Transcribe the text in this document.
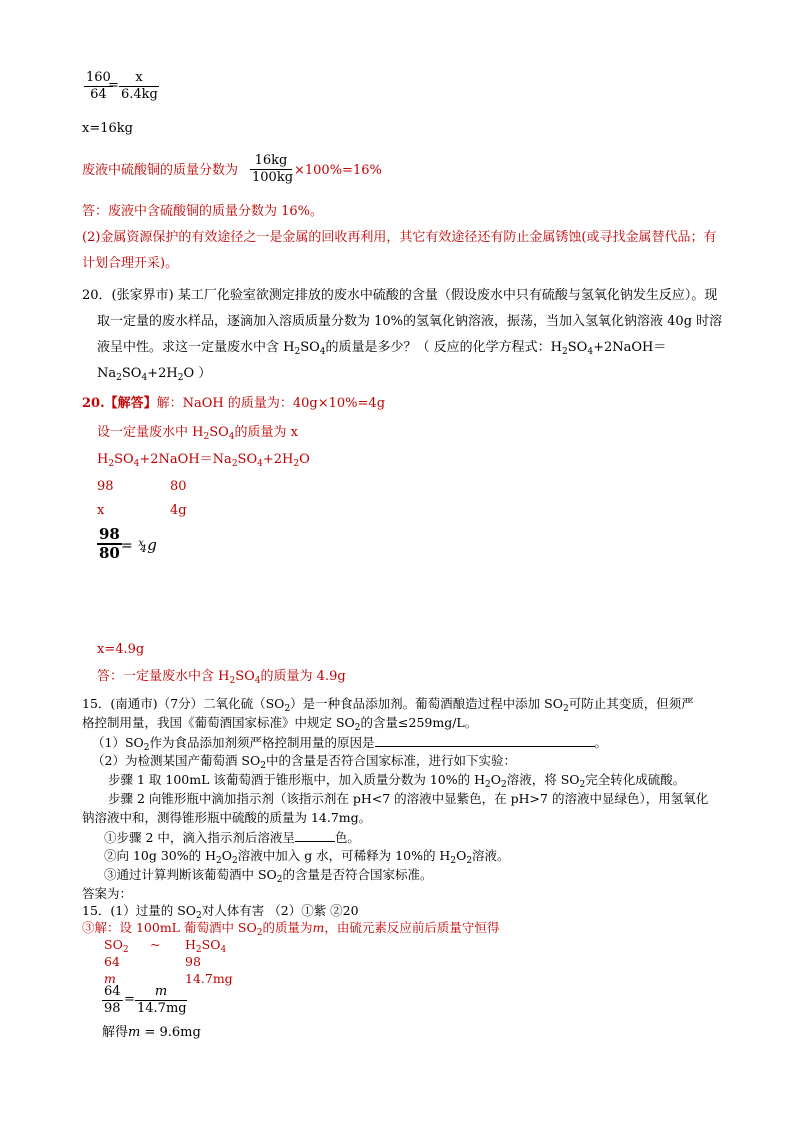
160
64
=
x
6.4kg
x=16kg
废液中硫酸铜的质量分数为
16kg
100kg ×100%=16%
答：废液中含硫酸铜的质量分数为 16%。
(2)金属资源保护的有效途径之一是金属的回收再利用，其它有效途径还有防止金属锈蚀(或寻找金属替代品；有
计划合理开采)。
20．(张家界市) 某工厂化验室欲测定排放的废水中硫酸的含量（假设废水中只有硫酸与氢氧化钠发生反应）。现
取一定量的废水样品，逐滴加入溶质质量分数为 10%的氢氧化钠溶液，振荡，当加入氢氧化钠溶液 40g 时溶
液呈中性。求这一定量废水中含 $H_2SO_4$的质量是多少？（ 反应的化学方程式：$H_2SO_4+2NaOH=$
$Na_2SO_4+2H_2O$ ）
20.【解答】解：NaOH 的质量为：40g×10%=4g
设一定量废水中 $H_2SO_4$的质量为 x
$H_2SO_4+2NaOH=Na_2SO_4+2H_2O$
98	80
x	4g
98
80 = x
4 g
x=4.9g
答：一定量废水中含 $H_2SO_4$的质量为 4.9g
15．(南通市)（7分）二氧化硫$(SO_2)$是一种食品添加剂。葡萄酒酿造过程中添加 $SO_2$可防止其变质，但须严
格控制用量，我国《葡萄酒国家标准》中规定 $SO_2$的含量≤259mg/L。
$(1)SO_2$作为食品添加剂须严格控制用量的原因是	。
（2）为检测某国产葡萄酒 $SO_2$中的含量是否符合国家标准，进行如下实验：
步骤 1 取 100mL 该葡萄酒于锥形瓶中，加入质量分数为 10%的 $H_2O_2$溶液，将 $SO_2$完全转化成硫酸。
步骤 2 向锥形瓶中滴加指示剂（该指示剂在 pH<7 的溶液中显紫色，在 pH>7 的溶液中显绿色），用氢氧化
钠溶液中和，测得锥形瓶中硫酸的质量为 14.7mg。
①步骤 2 中，滴入指示剂后溶液呈	色。
②向 10g 30%的 $H_2O_2$溶液中加入 g 水，可稀释为 10%的 $H_2O_2$溶液。
③通过计算判断该葡萄酒中 $SO_2$的含量是否符合国家标准。
答案为：
15．(1）过量的 $SO_2$对人体有害 （2）①紫 ②20
③解：设 100mL 葡萄酒中 $SO_2$的质量为m，由硫元素反应前后质量守恒得
$SO_2$ ~ $H_2SO_4$
64	98
m	14.7mg
64
98
=
m
14.7mg
解得m = 9.6mg
